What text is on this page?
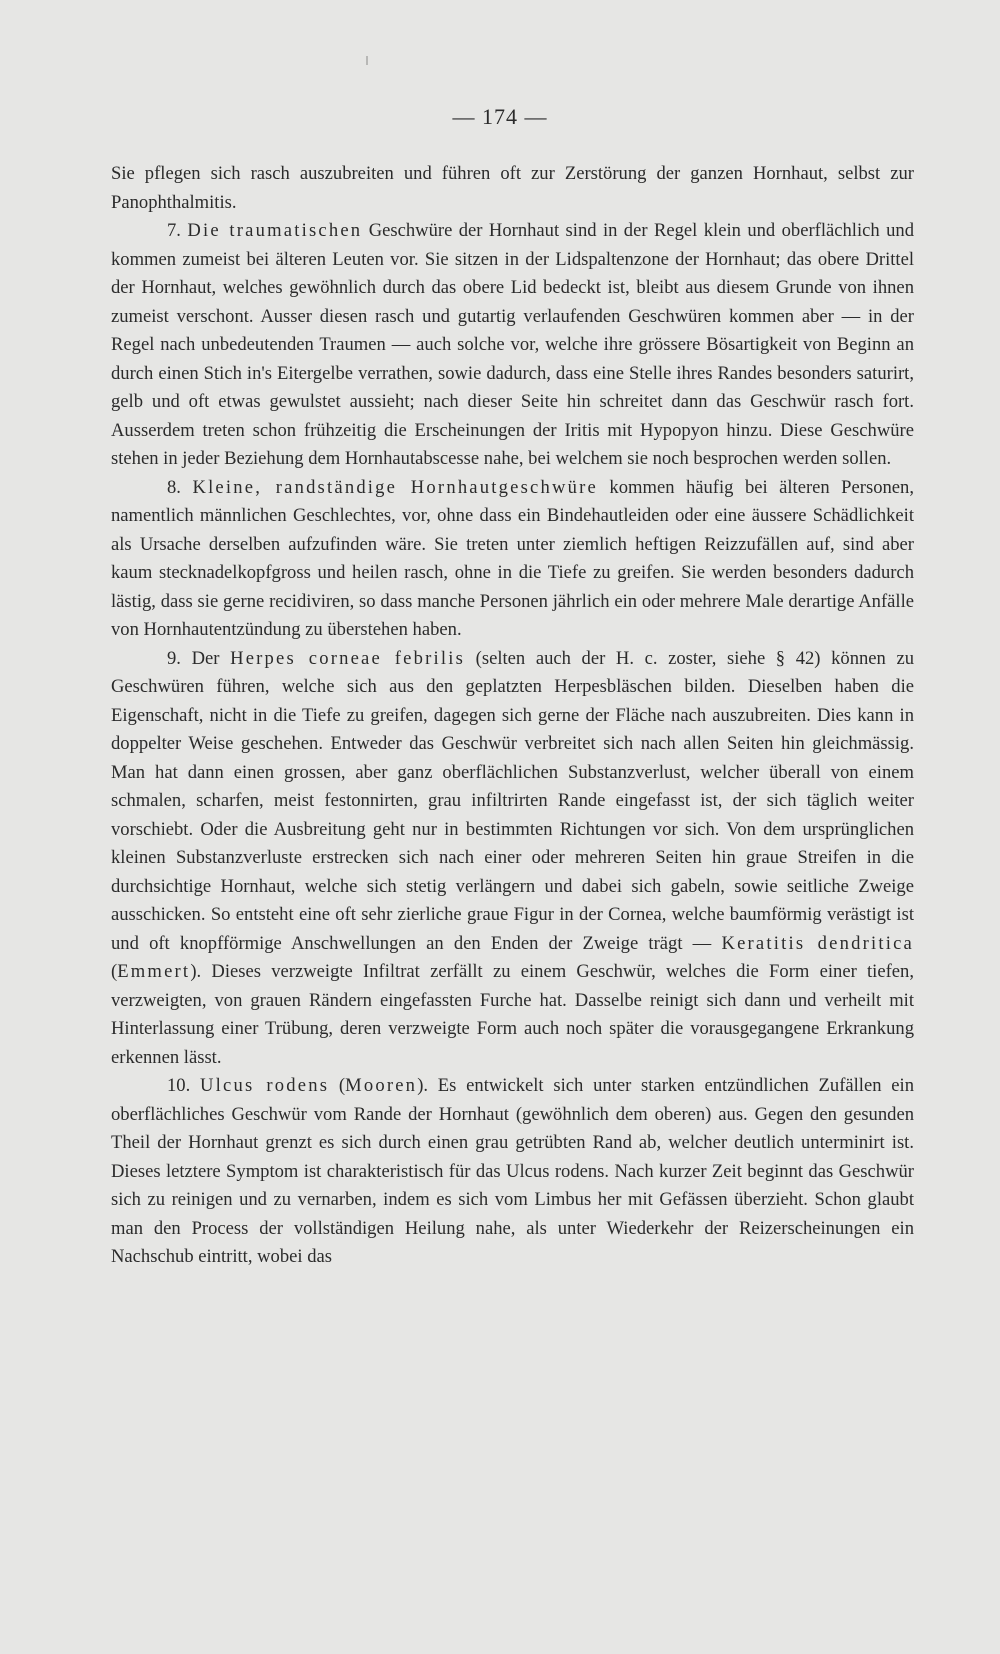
— 174 —

Sie pflegen sich rasch auszubreiten und führen oft zur Zerstörung der ganzen Hornhaut, selbst zur Panophthalmitis.

7. Die traumatischen Geschwüre der Hornhaut sind in der Regel klein und oberflächlich und kommen zumeist bei älteren Leuten vor. Sie sitzen in der Lidspaltenzone der Hornhaut; das obere Drittel der Hornhaut, welches gewöhnlich durch das obere Lid bedeckt ist, bleibt aus diesem Grunde von ihnen zumeist verschont. Ausser diesen rasch und gutartig verlaufenden Geschwüren kommen aber — in der Regel nach unbedeutenden Traumen — auch solche vor, welche ihre grössere Bösartigkeit von Beginn an durch einen Stich in's Eitergelbe verrathen, sowie dadurch, dass eine Stelle ihres Randes besonders saturirt, gelb und oft etwas gewulstet aussieht; nach dieser Seite hin schreitet dann das Geschwür rasch fort. Ausserdem treten schon frühzeitig die Erscheinungen der Iritis mit Hypopyon hinzu. Diese Geschwüre stehen in jeder Beziehung dem Hornhautabscesse nahe, bei welchem sie noch besprochen werden sollen.

8. Kleine, randständige Hornhautgeschwüre kommen häufig bei älteren Personen, namentlich männlichen Geschlechtes, vor, ohne dass ein Bindehautleiden oder eine äussere Schädlichkeit als Ursache derselben aufzufinden wäre. Sie treten unter ziemlich heftigen Reizzufällen auf, sind aber kaum stecknadelkopfgross und heilen rasch, ohne in die Tiefe zu greifen. Sie werden besonders dadurch lästig, dass sie gerne recidiviren, so dass manche Personen jährlich ein oder mehrere Male derartige Anfälle von Hornhautentzündung zu überstehen haben.

9. Der Herpes corneae febrilis (selten auch der H. c. zoster, siehe § 42) können zu Geschwüren führen, welche sich aus den geplatzten Herpesbläschen bilden. Dieselben haben die Eigenschaft, nicht in die Tiefe zu greifen, dagegen sich gerne der Fläche nach auszubreiten. Dies kann in doppelter Weise geschehen. Entweder das Geschwür verbreitet sich nach allen Seiten hin gleichmässig. Man hat dann einen grossen, aber ganz oberflächlichen Substanzverlust, welcher überall von einem schmalen, scharfen, meist festonnirten, grau infiltrirten Rande eingefasst ist, der sich täglich weiter vorschiebt. Oder die Ausbreitung geht nur in bestimmten Richtungen vor sich. Von dem ursprünglichen kleinen Substanzverluste erstrecken sich nach einer oder mehreren Seiten hin graue Streifen in die durchsichtige Hornhaut, welche sich stetig verlängern und dabei sich gabeln, sowie seitliche Zweige ausschicken. So entsteht eine oft sehr zierliche graue Figur in der Cornea, welche baumförmig verästigt ist und oft knopfförmige Anschwellungen an den Enden der Zweige trägt — Keratitis dendritica (Emmert). Dieses verzweigte Infiltrat zerfällt zu einem Geschwür, welches die Form einer tiefen, verzweigten, von grauen Rändern eingefassten Furche hat. Dasselbe reinigt sich dann und verheilt mit Hinterlassung einer Trübung, deren verzweigte Form auch noch später die vorausgegangene Erkrankung erkennen lässt.

10. Ulcus rodens (Mooren). Es entwickelt sich unter starken entzündlichen Zufällen ein oberflächliches Geschwür vom Rande der Hornhaut (gewöhnlich dem oberen) aus. Gegen den gesunden Theil der Hornhaut grenzt es sich durch einen grau getrübten Rand ab, welcher deutlich unterminirt ist. Dieses letztere Symptom ist charakteristisch für das Ulcus rodens. Nach kurzer Zeit beginnt das Geschwür sich zu reinigen und zu vernarben, indem es sich vom Limbus her mit Gefässen überzieht. Schon glaubt man den Process der vollständigen Heilung nahe, als unter Wiederkehr der Reizerscheinungen ein Nachschub eintritt, wobei das
